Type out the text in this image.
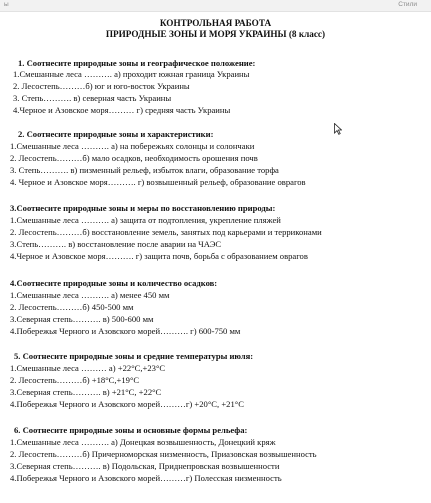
ы	Стили
КОНТРОЛЬНАЯ РАБОТА
ПРИРОДНЫЕ ЗОНЫ И МОРЯ УКРАИНЫ (8 класс)
1. Соотнесите природные зоны и географическое положение:
1.Смешанные леса ………. а) проходит южная граница Украины
2. Лесостепь………б) юг и юго-восток Украины
3. Степь………. в) северная часть Украины
4.Черное и Азовское моря……… г) средняя часть Украины
2. Соотнесите природные зоны и характеристики:
1.Смешанные леса ………. а) на побережьях солонцы и солончаки
2. Лесостепь………б) мало осадков, необходимость орошения почв
3. Степь………. в) пизменный рельеф, избыток влаги, образование торфа
4. Черное и Азовское моря………. г) возвышенный рельеф, образование оврагов
3.Соотнесите природные зоны и меры по восстановлению природы:
1.Смешанные леса ………. а) защита от подтопления, укрепление пляжей
2. Лесостепь………б) восстановление земель, занятых под карьерами и терриконами
3.Степь………. в) восстановление после аварии на ЧАЭС
4.Черное и Азовское моря………. г) защита почв, борьба с образованием оврагов
4.Соотнесите природные зоны и количество осадков:
1.Смешанные леса ………. а) менее 450 мм
2. Лесостепь………б) 450-500 мм
3.Северная степь………. в) 500-600 мм
4.Побережья Черного и Азовского морей………. г) 600-750 мм
5. Соотнесите природные зоны и средние температуры июля:
1.Смешанные леса ……… а) +22°С,+23°С
2. Лесостепь………б) +18°С,+19°С
3.Северная степь………. в) +21°С, +22°С
4.Побережья Черного и Азовского морей………г) +20°С, +21°С
6. Соотнесите природные зоны и основные формы рельефа:
1.Смешанные леса ………. а) Донецкая возвышенность, Донецкий кряж
2. Лесостепь………б) Причерноморская низменность, Приазовская возвышенность
3.Северная степь………. в) Подольская, Приднепровская возвышенности
4.Побережья Черного и Азовского морей………г) Полесская низменность
